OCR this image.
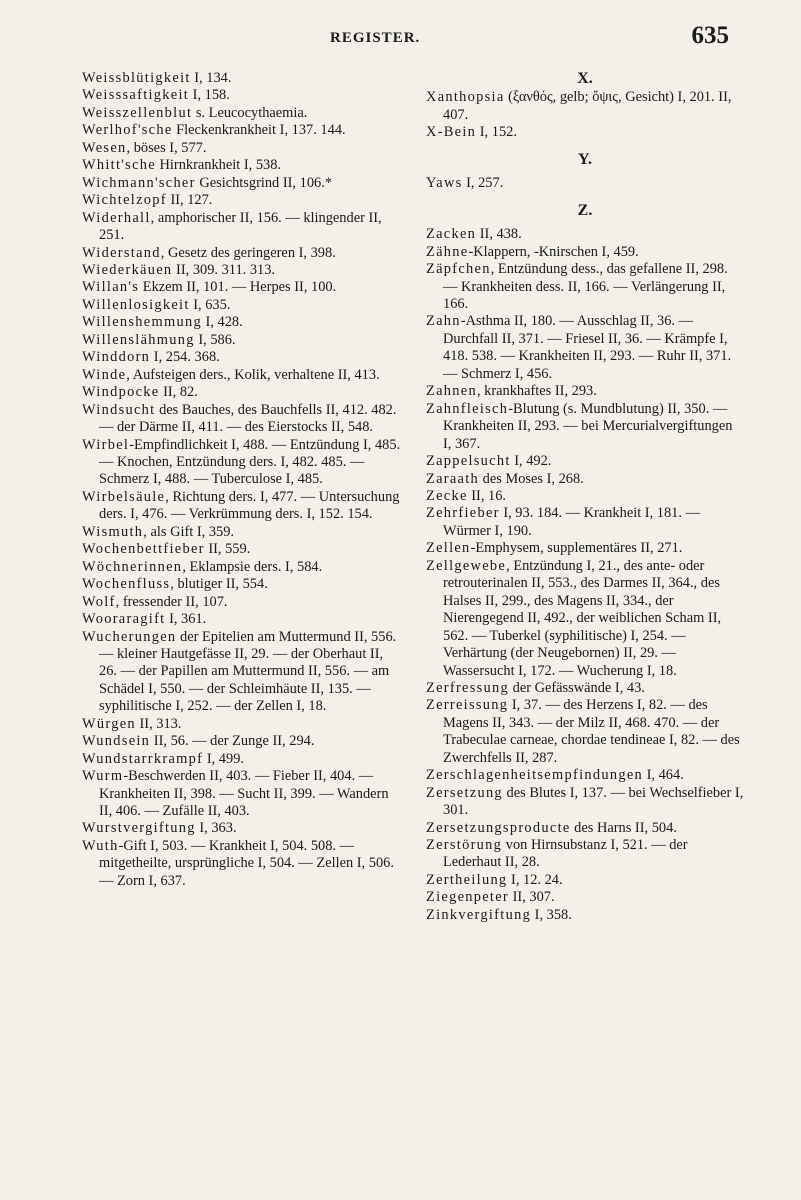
REGISTER.	635

Weissblütigkeit I, 134.

Weisssaftigkeit I, 158.

Weisszellenblut s. Leucocythaemia.

Werlhof'sche Fleckenkrankheit I, 137. 144.

Wesen, böses I, 577.

Whitt'sche Hirnkrankheit I, 538.

Wichmann'scher Gesichtsgrind II, 106.*

Wichtelzopf II, 127.

Widerhall, amphorischer II, 156. — klingender II, 251.

Widerstand, Gesetz des geringeren I, 398.

Wiederkäuen II, 309. 311. 313.

Willan's Ekzem II, 101. — Herpes II, 100.

Willenlosigkeit I, 635.

Willenshemmung I, 428.

Willenslähmung I, 586.

Winddorn I, 254. 368.

Winde, Aufsteigen ders., Kolik, verhaltene II, 413.

Windpocke II, 82.

Windsucht des Bauches, des Bauchfells II, 412. 482. — der Därme II, 411. — des Eierstocks II, 548.

Wirbel-Empfindlichkeit I, 488. — Entzündung I, 485. — Knochen, Entzündung ders. I, 482. 485. — Schmerz I, 488. — Tuberculose I, 485.

Wirbelsäule, Richtung ders. I, 477. — Untersuchung ders. I, 476. — Verkrümmung ders. I, 152. 154.

Wismuth, als Gift I, 359.

Wochenbettfieber II, 559.

Wöchnerinnen, Eklampsie ders. I, 584.

Wochenfluss, blutiger II, 554.

Wolf, fressender II, 107.

Wooraragift I, 361.

Wucherungen der Epitelien am Muttermund II, 556. — kleiner Hautgefässe II, 29. — der Oberhaut II, 26. — der Papillen am Muttermund II, 556. — am Schädel I, 550. — der Schleimhäute II, 135. — syphilitische I, 252. — der Zellen I, 18.

Würgen II, 313.

Wundsein II, 56. — der Zunge II, 294.

Wundstarrkrampf I, 499.

Wurm-Beschwerden II, 403. — Fieber II, 404. — Krankheiten II, 398. — Sucht II, 399. — Wandern II, 406. — Zufälle II, 403.

Wurstvergiftung I, 363.

Wuth-Gift I, 503. — Krankheit I, 504. 508. — mitgetheilte, ursprüngliche I, 504. — Zellen I, 506. — Zorn I, 637.

X.

Xanthopsia (ξανθός, gelb; ὄψις, Gesicht) I, 201. II, 407.

X-Bein I, 152.

Y.

Yaws I, 257.

Z.

Zacken II, 438.

Zähne-Klappern, -Knirschen I, 459.

Zäpfchen, Entzündung dess., das gefallene II, 298. — Krankheiten dess. II, 166. — Verlängerung II, 166.

Zahn-Asthma II, 180. — Ausschlag II, 36. — Durchfall II, 371. — Friesel II, 36. — Krämpfe I, 418. 538. — Krankheiten II, 293. — Ruhr II, 371. — Schmerz I, 456.

Zahnen, krankhaftes II, 293.

Zahnfleisch-Blutung (s. Mundblutung) II, 350. — Krankheiten II, 293. — bei Mercurialvergiftungen I, 367.

Zappelsucht I, 492.

Zaraath des Moses I, 268.

Zecke II, 16.

Zehrfieber I, 93. 184. — Krankheit I, 181. — Würmer I, 190.

Zellen-Emphysem, supplementäres II, 271.

Zellgewebe, Entzündung I, 21., des ante- oder retrouterinalen II, 553., des Darmes II, 364., des Halses II, 299., des Magens II, 334., der Nierengegend II, 492., der weiblichen Scham II, 562. — Tuberkel (syphilitische) I, 254. — Verhärtung (der Neugebornen) II, 29. — Wassersucht I, 172. — Wucherung I, 18.

Zerfressung der Gefässwände I, 43.

Zerreissung I, 37. — des Herzens I, 82. — des Magens II, 343. — der Milz II, 468. 470. — der Trabeculae carneae, chordae tendineae I, 82. — des Zwerchfells II, 287.

Zerschlagenheitsempfindungen I, 464.

Zersetzung des Blutes I, 137. — bei Wechselfieber I, 301.

Zersetzungsproducte des Harns II, 504.

Zerstörung von Hirnsubstanz I, 521. — der Lederhaut II, 28.

Zertheilung I, 12. 24.

Ziegenpeter II, 307.

Zinkvergiftung I, 358.
